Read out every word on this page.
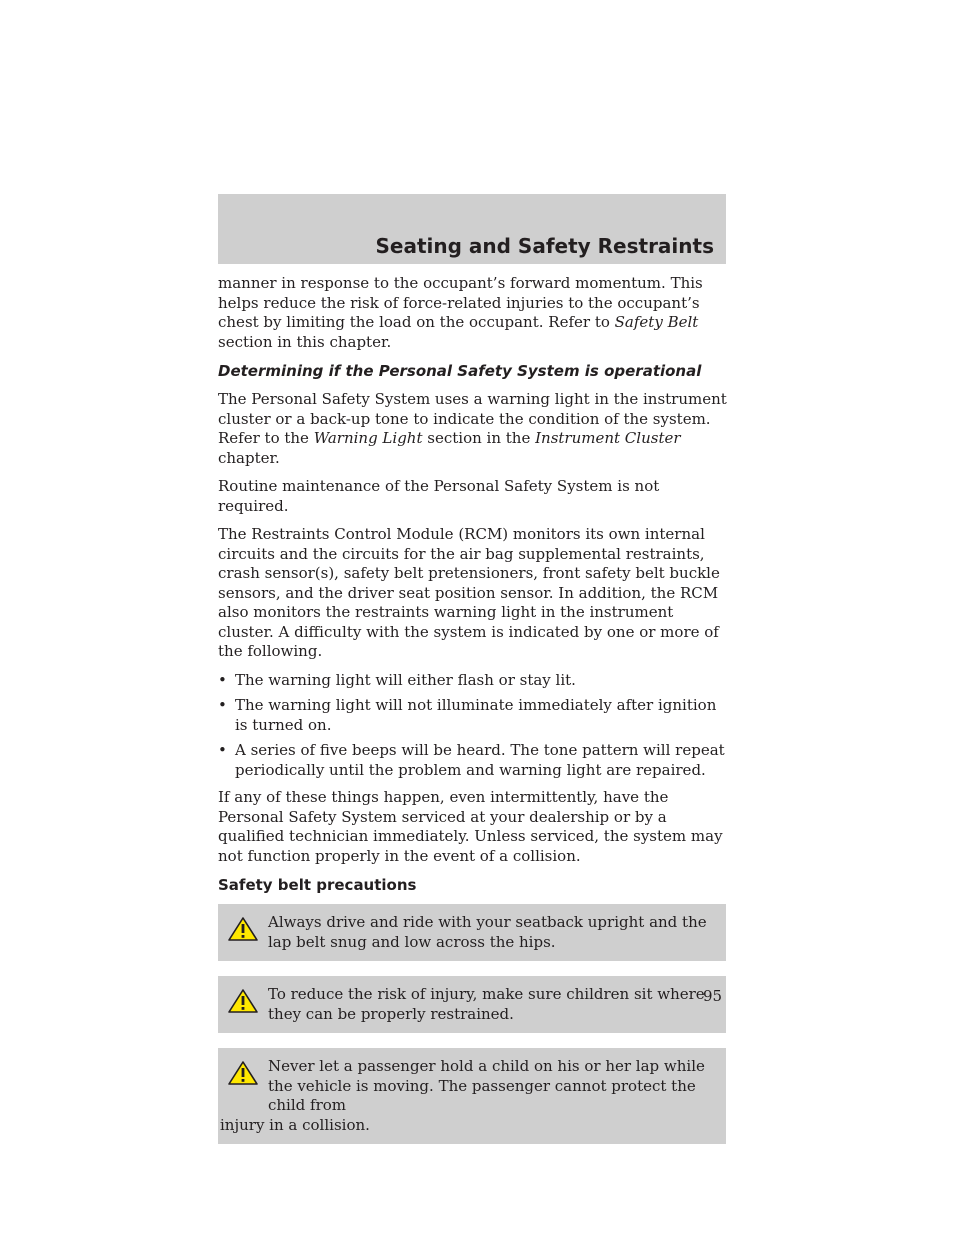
Seating and Safety Restraints

manner in response to the occupant’s forward momentum. This helps reduce the risk of force-related injuries to the occupant’s chest by limiting the load on the occupant. Refer to Safety Belt section in this chapter.

Determining if the Personal Safety System is operational

The Personal Safety System uses a warning light in the instrument cluster or a back-up tone to indicate the condition of the system. Refer to the Warning Light section in the Instrument Cluster chapter.

Routine maintenance of the Personal Safety System is not required.

The Restraints Control Module (RCM) monitors its own internal circuits and the circuits for the air bag supplemental restraints, crash sensor(s), safety belt pretensioners, front safety belt buckle sensors, and the driver seat position sensor. In addition, the RCM also monitors the restraints warning light in the instrument cluster. A difficulty with the system is indicated by one or more of the following.

• The warning light will either flash or stay lit.
• The warning light will not illuminate immediately after ignition is turned on.
• A series of five beeps will be heard. The tone pattern will repeat periodically until the problem and warning light are repaired.

If any of these things happen, even intermittently, have the Personal Safety System serviced at your dealership or by a qualified technician immediately. Unless serviced, the system may not function properly in the event of a collision.

Safety belt precautions
Always drive and ride with your seatback upright and the lap belt snug and low across the hips.
To reduce the risk of injury, make sure children sit where they can be properly restrained.
Never let a passenger hold a child on his or her lap while the vehicle is moving. The passenger cannot protect the child from
injury in a collision.
95
